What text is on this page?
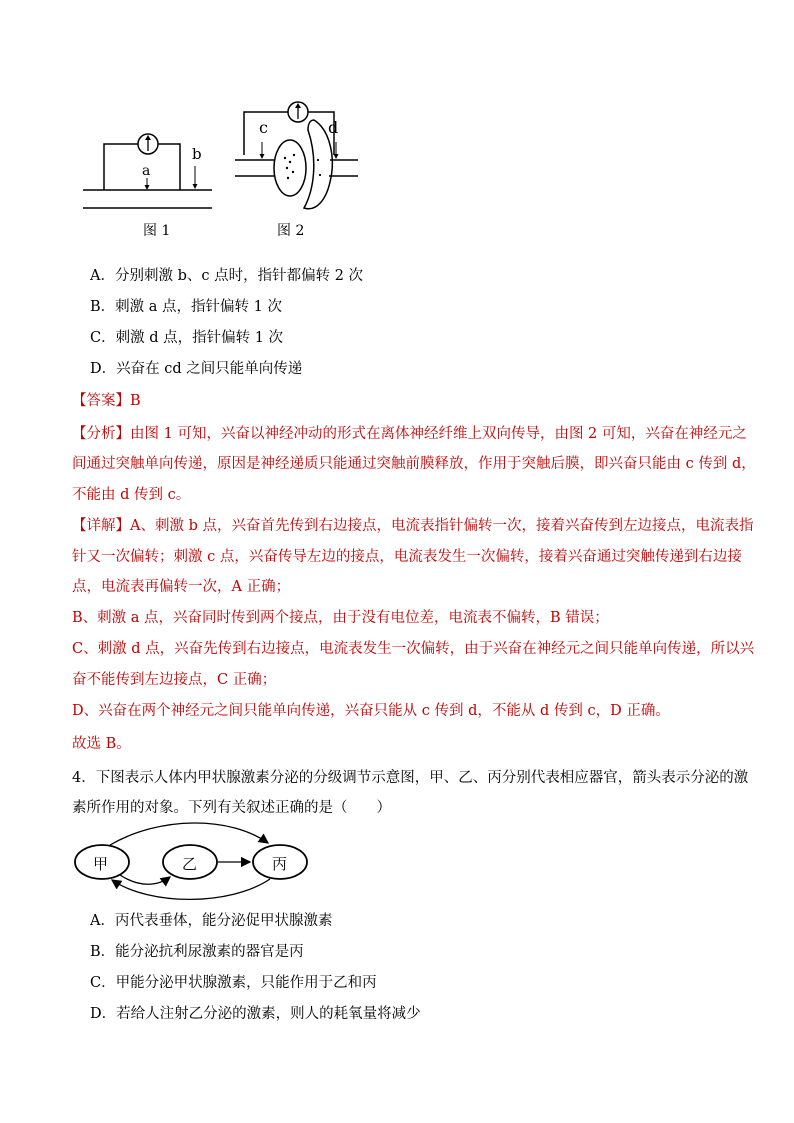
a
b
图 1
c	d
图 2
A．分别刺激 b、c 点时，指针都偏转 2 次
B．刺激 a 点，指针偏转 1 次
C．刺激 d 点，指针偏转 1 次
D．兴奋在 cd 之间只能单向传递
【答案】B
【分析】由图 1 可知，兴奋以神经冲动的形式在离体神经纤维上双向传导，由图 2 可知，兴奋在神经元之
间通过突触单向传递，原因是神经递质只能通过突触前膜释放，作用于突触后膜，即兴奋只能由 c 传到 d，
不能由 d 传到 c。
【详解】A、刺激 b 点，兴奋首先传到右边接点，电流表指针偏转一次，接着兴奋传到左边接点，电流表指
针又一次偏转；刺激 c 点，兴奋传导左边的接点，电流表发生一次偏转，接着兴奋通过突触传递到右边接
点，电流表再偏转一次，A 正确；
B、刺激 a 点，兴奋同时传到两个接点，由于没有电位差，电流表不偏转，B 错误；
C、刺激 d 点，兴奋先传到右边接点，电流表发生一次偏转，由于兴奋在神经元之间只能单向传递，所以兴
奋不能传到左边接点，C 正确；
D、兴奋在两个神经元之间只能单向传递，兴奋只能从 c 传到 d，不能从 d 传到 c，D 正确。
故选 B。
4．下图表示人体内甲状腺激素分泌的分级调节示意图，甲、乙、丙分别代表相应器官，箭头表示分泌的激
素所作用的对象。下列有关叙述正确的是（　　）
甲	乙	丙
A．丙代表垂体，能分泌促甲状腺激素
B．能分泌抗利尿激素的器官是丙
C．甲能分泌甲状腺激素，只能作用于乙和丙
D．若给人注射乙分泌的激素，则人的耗氧量将减少
